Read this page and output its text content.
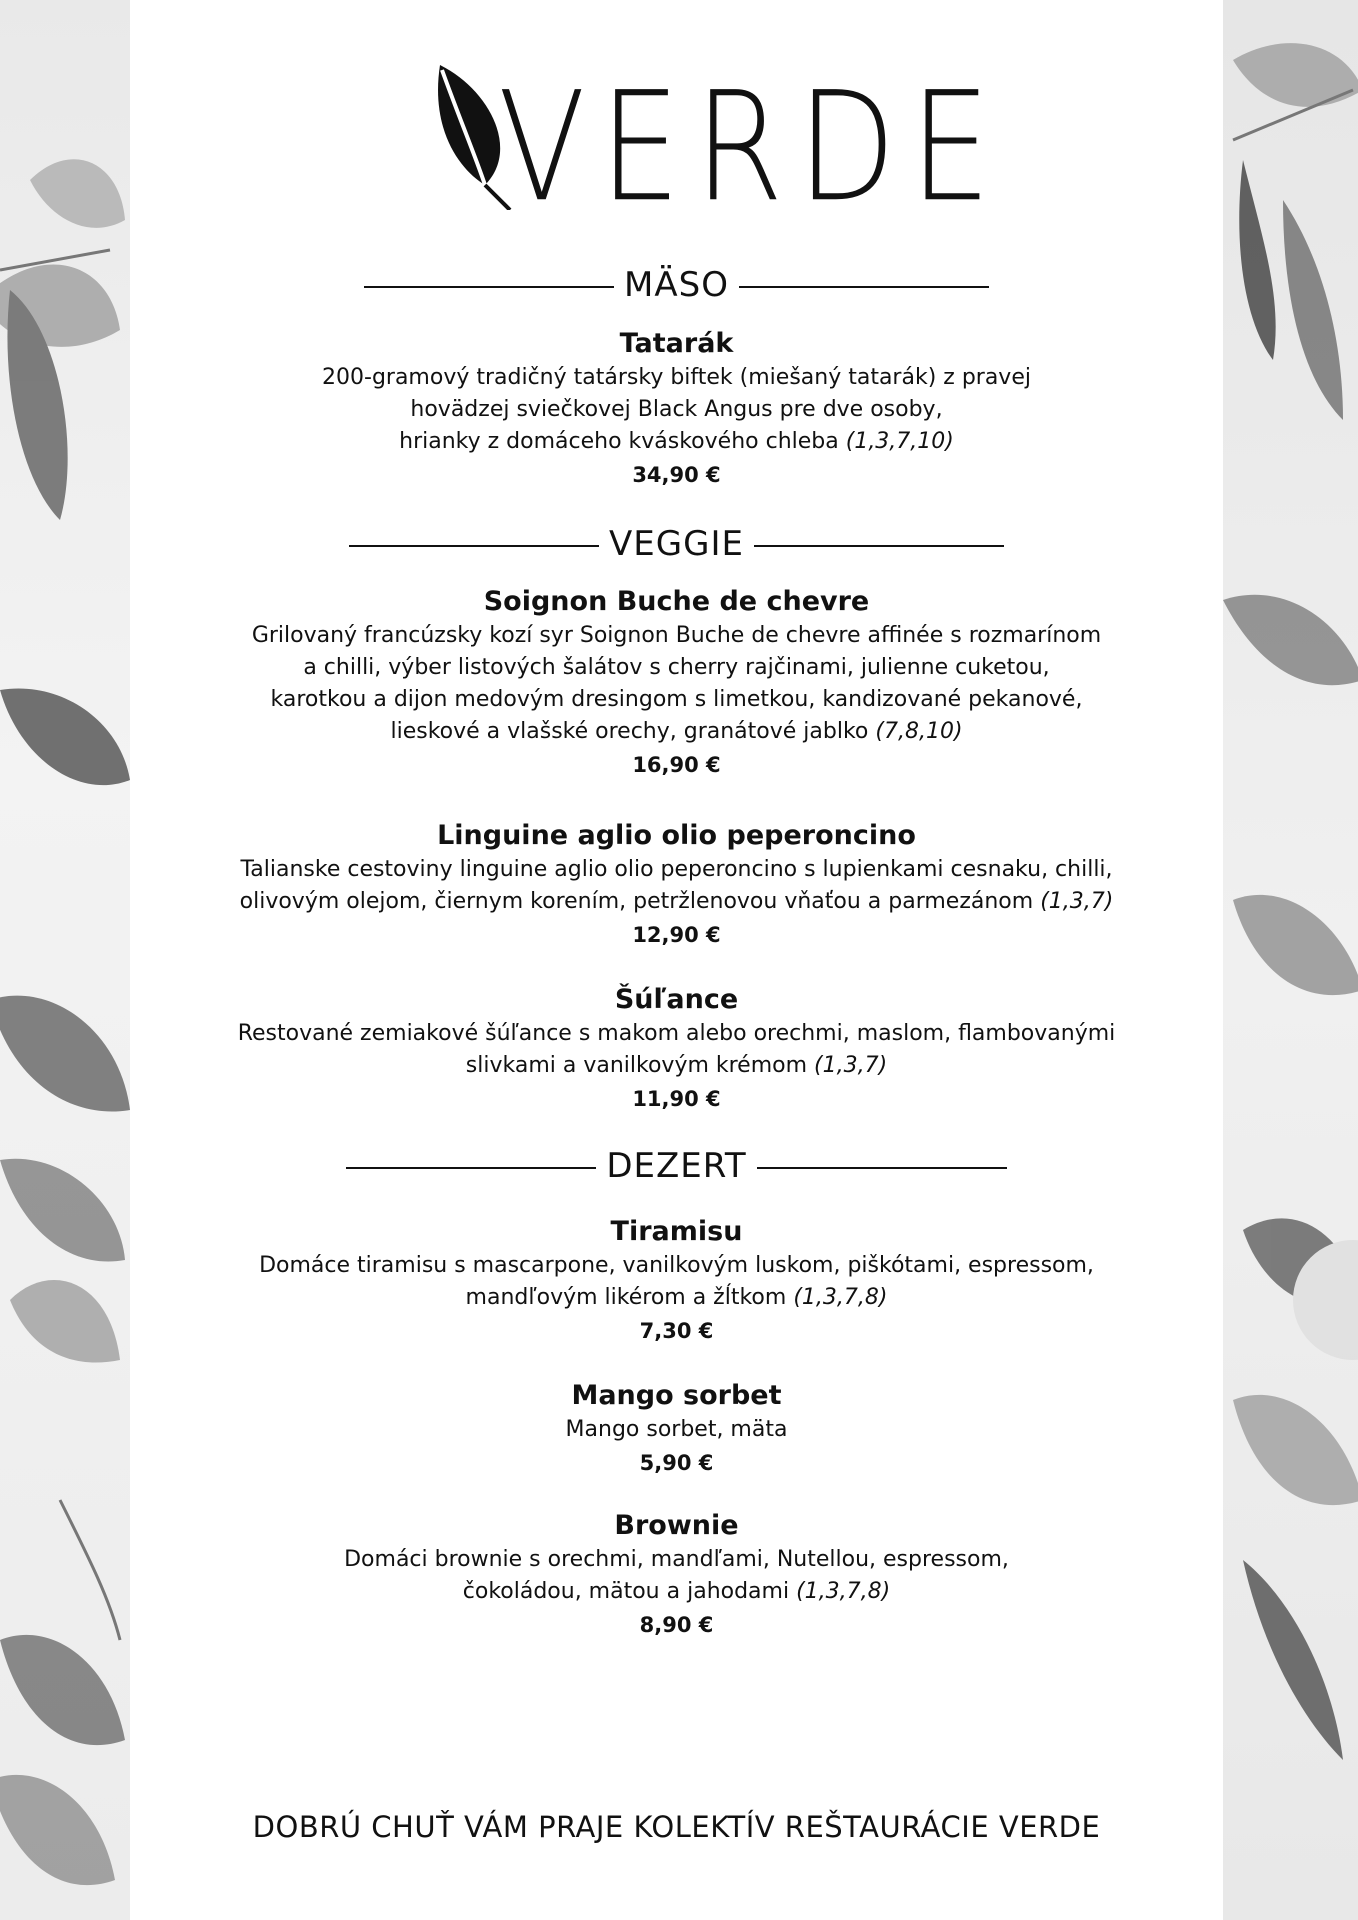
VERDE
MÄSO
Tatarák
200-gramový tradičný tatársky biftek (miešaný tatarák) z pravej
hovädzej sviečkovej Black Angus pre dve osoby,
hrianky z domáceho kváskového chleba (1,3,7,10)
34,90 €
VEGGIE
Soignon Buche de chevre
Grilovaný francúzsky kozí syr Soignon Buche de chevre affinée s rozmarínom
a chilli, výber listových šalátov s cherry rajčinami, julienne cuketou,
karotkou a dijon medovým dresingom s limetkou, kandizované pekanové,
lieskové a vlašské orechy, granátové jablko (7,8,10)
16,90 €
Linguine aglio olio peperoncino
Talianske cestoviny linguine aglio olio peperoncino s lupienkami cesnaku, chilli,
olivovým olejom, čiernym korením, petržlenovou vňaťou a parmezánom (1,3,7)
12,90 €
Šúľance
Restované zemiakové šúľance s makom alebo orechmi, maslom, flambovanými
slivkami a vanilkovým krémom (1,3,7)
11,90 €
DEZERT
Tiramisu
Domáce tiramisu s mascarpone, vanilkovým luskom, piškótami, espressom,
mandľovým likérom a žĺtkom (1,3,7,8)
7,30 €
Mango sorbet
Mango sorbet, mäta
5,90 €
Brownie
Domáci brownie s orechmi, mandľami, Nutellou, espressom,
čokoládou, mätou a jahodami (1,3,7,8)
8,90 €
DOBRÚ CHUŤ VÁM PRAJE KOLEKTÍV REŠTAURÁCIE VERDE
